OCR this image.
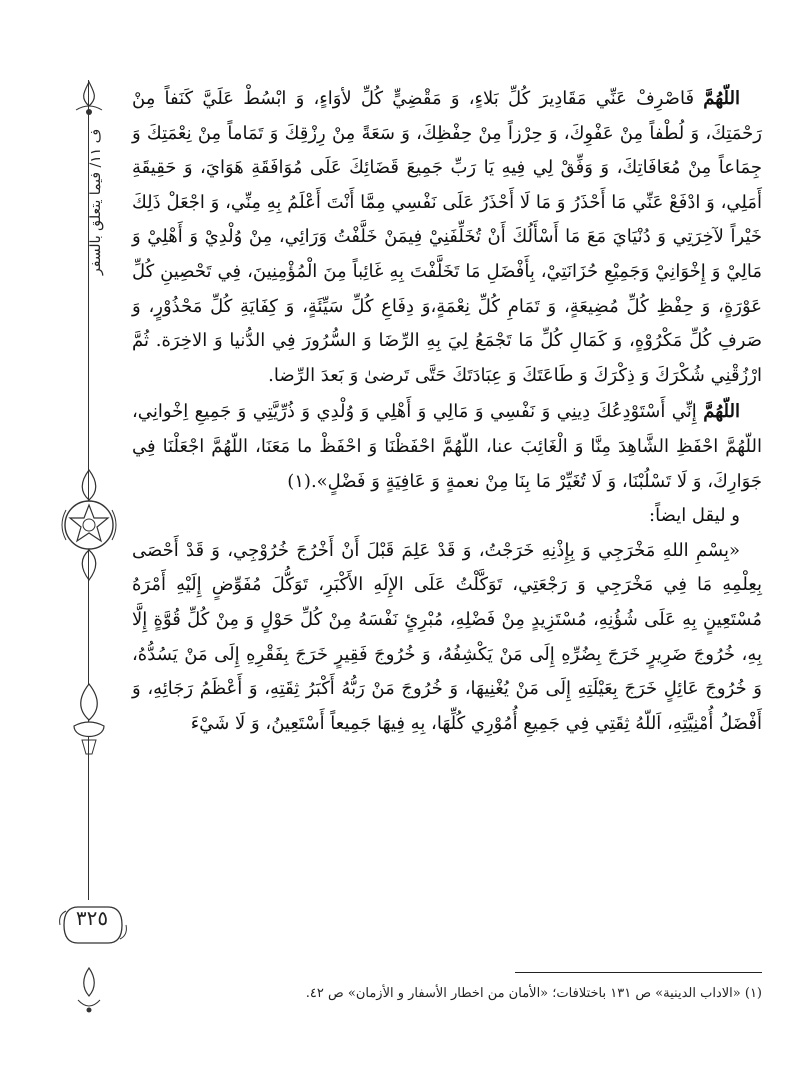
ف ١١/ فيما يتعلق بالسفر
٣٢٥

اللّهُمَّ فَاصْرِفْ عَنِّي مَقَادِيرَ كُلِّ بَلاءٍ، وَ مَقْضِيٍّ كُلِّ لأوَاءٍ، وَ ابْسُطْ عَلَيَّ كَنَفاً مِنْ رَحْمَتِكَ، وَ لُطْفاً مِنْ عَفْوِكَ، وَ حِرْزاً مِنْ حِفْظِكَ، وَ سَعَةً مِنْ رِزْقِكَ وَ تَمَاماً مِنْ نِعْمَتِكَ وَ جِمَاعاً مِنْ مُعَافَاتِكَ، وَ وَفِّقْ لِي فِيهِ يَا رَبِّ جَمِيعَ قَضَائِكَ عَلَى مُوَافَقَةِ هَوَايَ، وَ حَقِيقَةِ أَمَلِي، وَ ادْفَعْ عَنِّي مَا أَحْذَرُ وَ مَا لَا أَحْذَرُ عَلَى نَفْسِي مِمَّا أَنْتَ أَعْلَمُ بِهِ مِنِّي، وَ اجْعَلْ ذَلِكَ خَيْراً لآخِرَتِي وَ دُنْيَايَ مَعَ مَا أَسْأَلُكَ أَنْ تُخَلِّفَنِيْ فِيمَنْ خَلَّفْتُ وَرَائِي، مِنْ وُلْدِيْ وَ أَهْلِيْ وَ مَالِيْ وَ إِخْوَانِيْ وَجَمِيْعِ حُزَانَتِيْ، بِأَفْضَلِ مَا تَخَلَّفْتَ بِهِ غَائِباً مِنَ الْمُؤْمِنِينَ، فِي تَحْصِينِ كُلِّ عَوْرَةٍ، وَ حِفْظِ كُلِّ مُضِيعَةٍ، وَ تَمَامِ كُلِّ نِعْمَةٍ،وَ دِفَاعِ كُلِّ سَيِّئَةٍ، وَ كِفَايَةِ كُلِّ مَحْذُوْرٍ، وَ صَرفِ كُلِّ مَكْرُوْهٍ، وَ كَمَالِ كُلِّ مَا تَجْمَعُ لِيَ بِهِ الرِّضَا وَ السُّرُورَ فِي الدُّنيا وَ الاخِرَة. ثُمَّ ارْزُقْنِي شُكْرَكَ وَ ذِكْرَكَ وَ طَاعَتَكَ وَ عِبَادَتَكَ حَتَّى تَرضىٰ وَ بَعدَ الرِّضا.

اللّهُمَّ إِنِّي أَسْتَوْدِعُكَ دِينِي وَ نَفْسِي وَ مَالِي وَ أَهْلِي وَ وُلْدِي وَ ذُرِّيَّتِي وَ جَمِيعِ اِخْوانِي، اللّهُمَّ احْفَظِ الشَّاهِدَ مِنَّا وَ الْغَائِبَ عنا، اللّهُمَّ احْفَظْنَا وَ احْفَظْ ما مَعَنَا، اللّهُمَّ اجْعَلْنَا فِي جَوَارِكَ، وَ لَا تَسْلُبْنَا، وَ لَا تُغَيِّرْ مَا بِنَا مِنْ نعمةٍ وَ عَافِيَةٍ وَ فَضْلٍ».(١)

و ليقل ايضاً:

«بِسْمِ اللهِ مَخْرَجِي وَ بِإِذْنِهِ خَرَجْتُ، وَ قَدْ عَلِمَ قَبْلَ أَنْ أَخْرُجَ خُرُوْجِي، وَ قَدْ أَحْصَى بِعِلْمِهِ مَا فِي مَخْرَجِي وَ رَجْعَتِي، تَوَكَّلْتُ عَلَى الإِلَهِ الأَكْبَرِ، تَوَكُّلَ مُفَوِّضٍ إِلَيْهِ أَمْرَهُ مُسْتَعِينٍ بِهِ عَلَى شُؤُنِهِ، مُسْتَزِيدٍ مِنْ فَضْلِهِ، مُبْرِئٍ نَفْسَهُ مِنْ كُلِّ حَوْلٍ وَ مِنْ كُلِّ قُوَّةٍ إِلَّا بِهِ، خُرُوجَ ضَرِيرٍ خَرَجَ بِضُرِّهِ إِلَى مَنْ يَكْشِفُهُ، وَ خُرُوجَ فَقِيرٍ خَرَجَ بِفَقْرِهِ إِلَى مَنْ يَسُدُّهُ، وَ خُرُوجَ عَائِلٍ خَرَجَ بِعَيْلَتِهِ إِلَى مَنْ يُغْنِيهَا، وَ خُرُوجَ مَنْ رَبُّهُ أَكْبَرُ ثِقَتِهِ، وَ أَعْظَمُ رَجَائِهِ، وَ أَفْضَلُ أُمْنِيَّتِهِ، اَللّهُ ثِقَتِي فِي جَمِيعِ أُمُوْرِي كُلِّهَا، بِهِ فِيهَا جَمِيعاً أَسْتَعِينُ، وَ لَا شَيْءَ

(١) «الاداب الدينية» ص ١٣١ باختلافات؛ «الأمان من اخطار الأسفار و الأزمان» ص ٤٢.
